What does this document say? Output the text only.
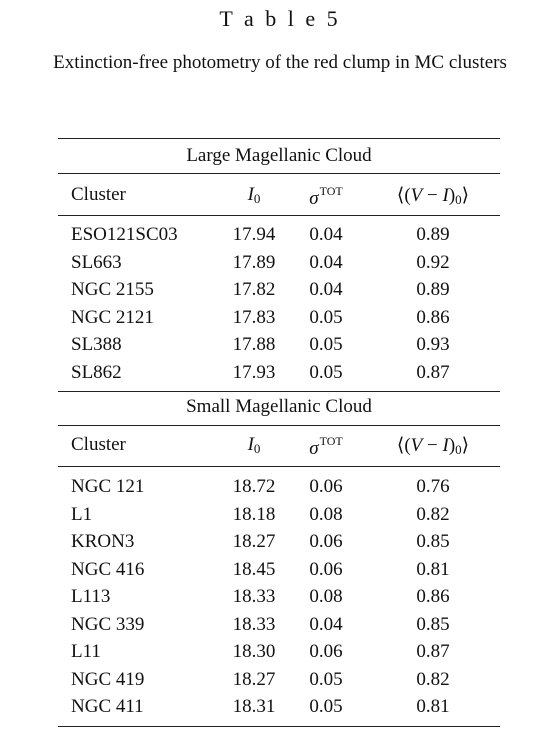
T a b l e 5
Extinction-free photometry of the red clump in MC clusters
Large Magellanic Cloud
Cluster	$I_0$	$\sigma^{TOT}$	⟨(V − $I)_0⟩$
ESO121SC03	17.94	0.04	0.89
SL663	17.89	0.04	0.92
NGC 2155	17.82	0.04	0.89
NGC 2121	17.83	0.05	0.86
SL388	17.88	0.05	0.93
SL862	17.93	0.05	0.87
Small Magellanic Cloud
Cluster	$I_0$	$\sigma^{TOT}$	⟨(V − $I)_0⟩$
NGC 121	18.72	0.06	0.76
L1	18.18	0.08	0.82
KRON3	18.27	0.06	0.85
NGC 416	18.45	0.06	0.81
L113	18.33	0.08	0.86
NGC 339	18.33	0.04	0.85
L11	18.30	0.06	0.87
NGC 419	18.27	0.05	0.82
NGC 411	18.31	0.05	0.81
